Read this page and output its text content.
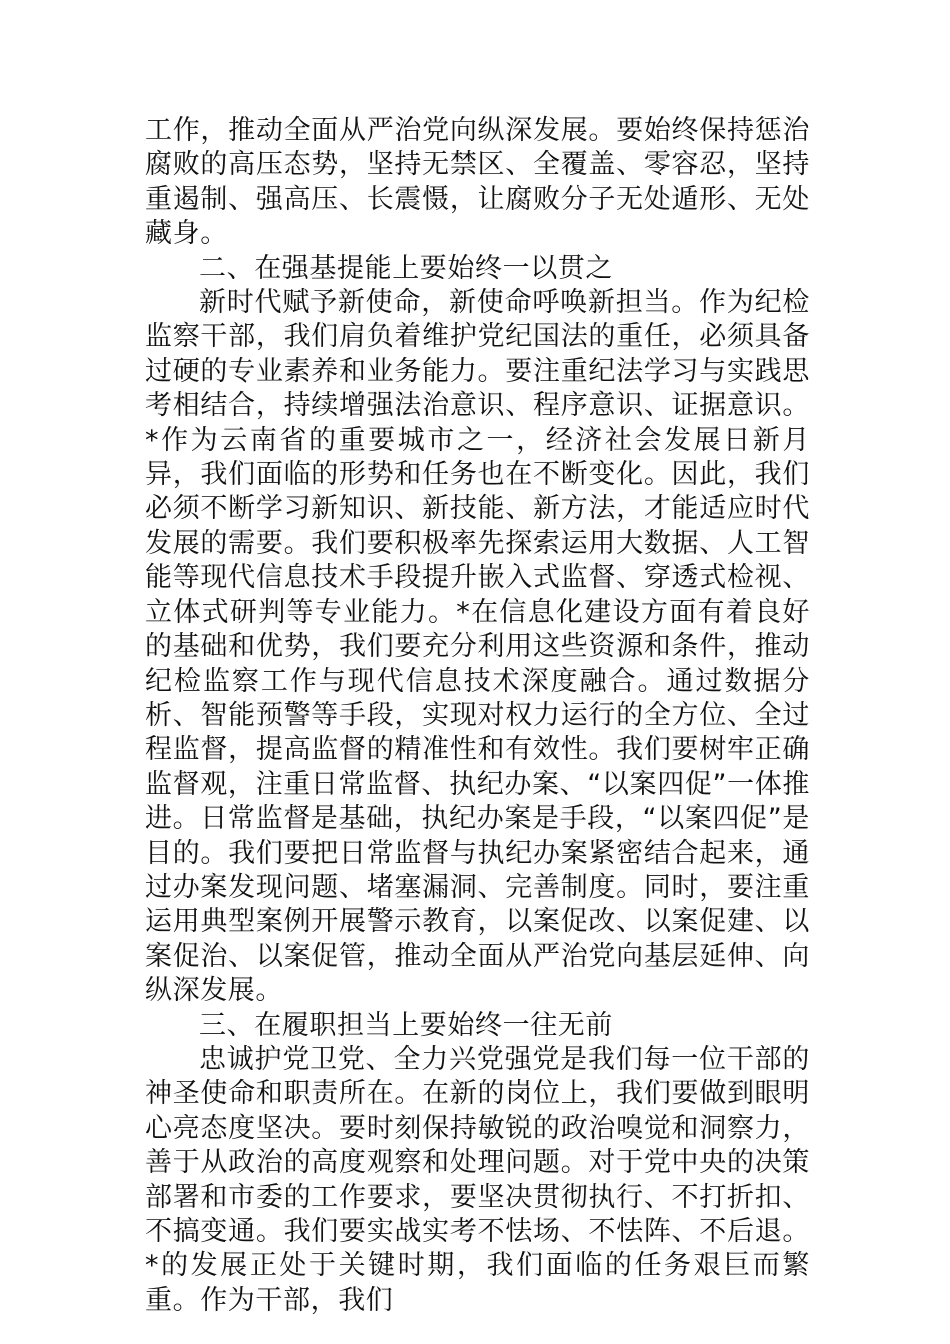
工作，推动全面从严治党向纵深发展。要始终保持惩治腐败的高压态势，坚持无禁区、全覆盖、零容忍，坚持重遏制、强高压、长震慑，让腐败分子无处遁形、无处藏身。

二、在强基提能上要始终一以贯之

新时代赋予新使命，新使命呼唤新担当。作为纪检监察干部，我们肩负着维护党纪国法的重任，必须具备过硬的专业素养和业务能力。要注重纪法学习与实践思考相结合，持续增强法治意识、程序意识、证据意识。*作为云南省的重要城市之一，经济社会发展日新月异，我们面临的形势和任务也在不断变化。因此，我们必须不断学习新知识、新技能、新方法，才能适应时代发展的需要。我们要积极率先探索运用大数据、人工智能等现代信息技术手段提升嵌入式监督、穿透式检视、立体式研判等专业能力。*在信息化建设方面有着良好的基础和优势，我们要充分利用这些资源和条件，推动纪检监察工作与现代信息技术深度融合。通过数据分析、智能预警等手段，实现对权力运行的全方位、全过程监督，提高监督的精准性和有效性。我们要树牢正确监督观，注重日常监督、执纪办案、“以案四促”一体推进。日常监督是基础，执纪办案是手段，“以案四促”是目的。我们要把日常监督与执纪办案紧密结合起来，通过办案发现问题、堵塞漏洞、完善制度。同时，要注重运用典型案例开展警示教育，以案促改、以案促建、以案促治、以案促管，推动全面从严治党向基层延伸、向纵深发展。

三、在履职担当上要始终一往无前

忠诚护党卫党、全力兴党强党是我们每一位干部的神圣使命和职责所在。在新的岗位上，我们要做到眼明心亮态度坚决。要时刻保持敏锐的政治嗅觉和洞察力，善于从政治的高度观察和处理问题。对于党中央的决策部署和市委的工作要求，要坚决贯彻执行、不打折扣、不搞变通。我们要实战实考不怯场、不怯阵、不后退。*的发展正处于关键时期，我们面临的任务艰巨而繁重。作为干部，我们
